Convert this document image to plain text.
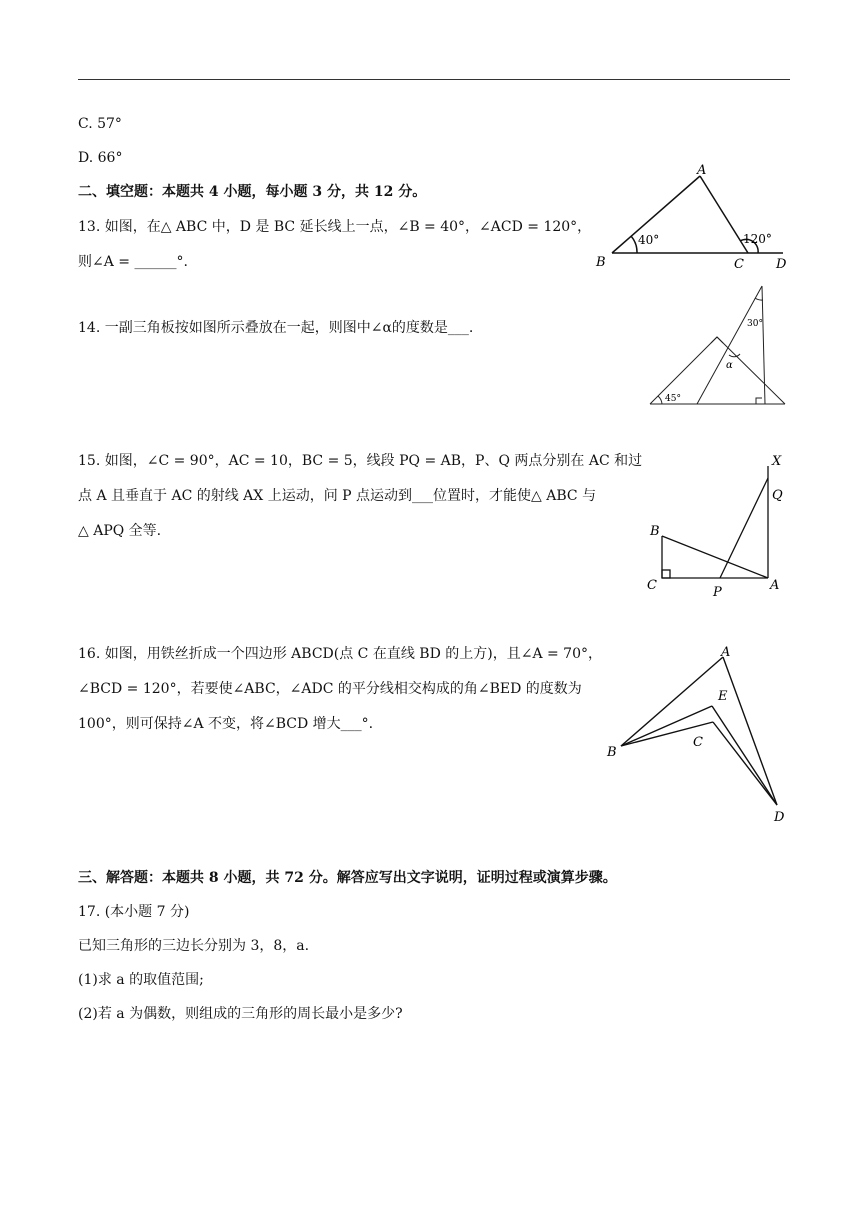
C. 57°
D. 66°
二、填空题：本题共 4 小题，每小题 3 分，共 12 分。
13. 如图，在△ ABC 中，D 是 BC 延长线上一点，∠B = 40°，∠ACD = 120°，
则∠A = ______°.
A
B	C D
40°	120°
14. 一副三角板按如图所示叠放在一起，则图中∠α的度数是___.	30°
45°
α
15. 如图，∠C = 90°，AC = 10，BC = 5，线段 PQ = AB，P、Q 两点分别在 AC 和过
点 A 且垂直于 AC 的射线 AX 上运动，问 P 点运动到___位置时，才能使△ ABC 与
△ APQ 全等.
X
Q
B
C	P	A
16. 如图，用铁丝折成一个四边形 ABCD(点 C 在直线 BD 的上方)，且∠A = 70°，
∠BCD = 120°，若要使∠ABC，∠ADC 的平分线相交构成的角∠BED 的度数为
100°，则可保持∠A 不变，将∠BCD 增大___°.
A
E
B
C
D
三、解答题：本题共 8 小题，共 72 分。解答应写出文字说明，证明过程或演算步骤。
17. (本小题 7 分)
已知三角形的三边长分别为 3，8，a.
(1)求 a 的取值范围;
(2)若 a 为偶数，则组成的三角形的周长最小是多少?
